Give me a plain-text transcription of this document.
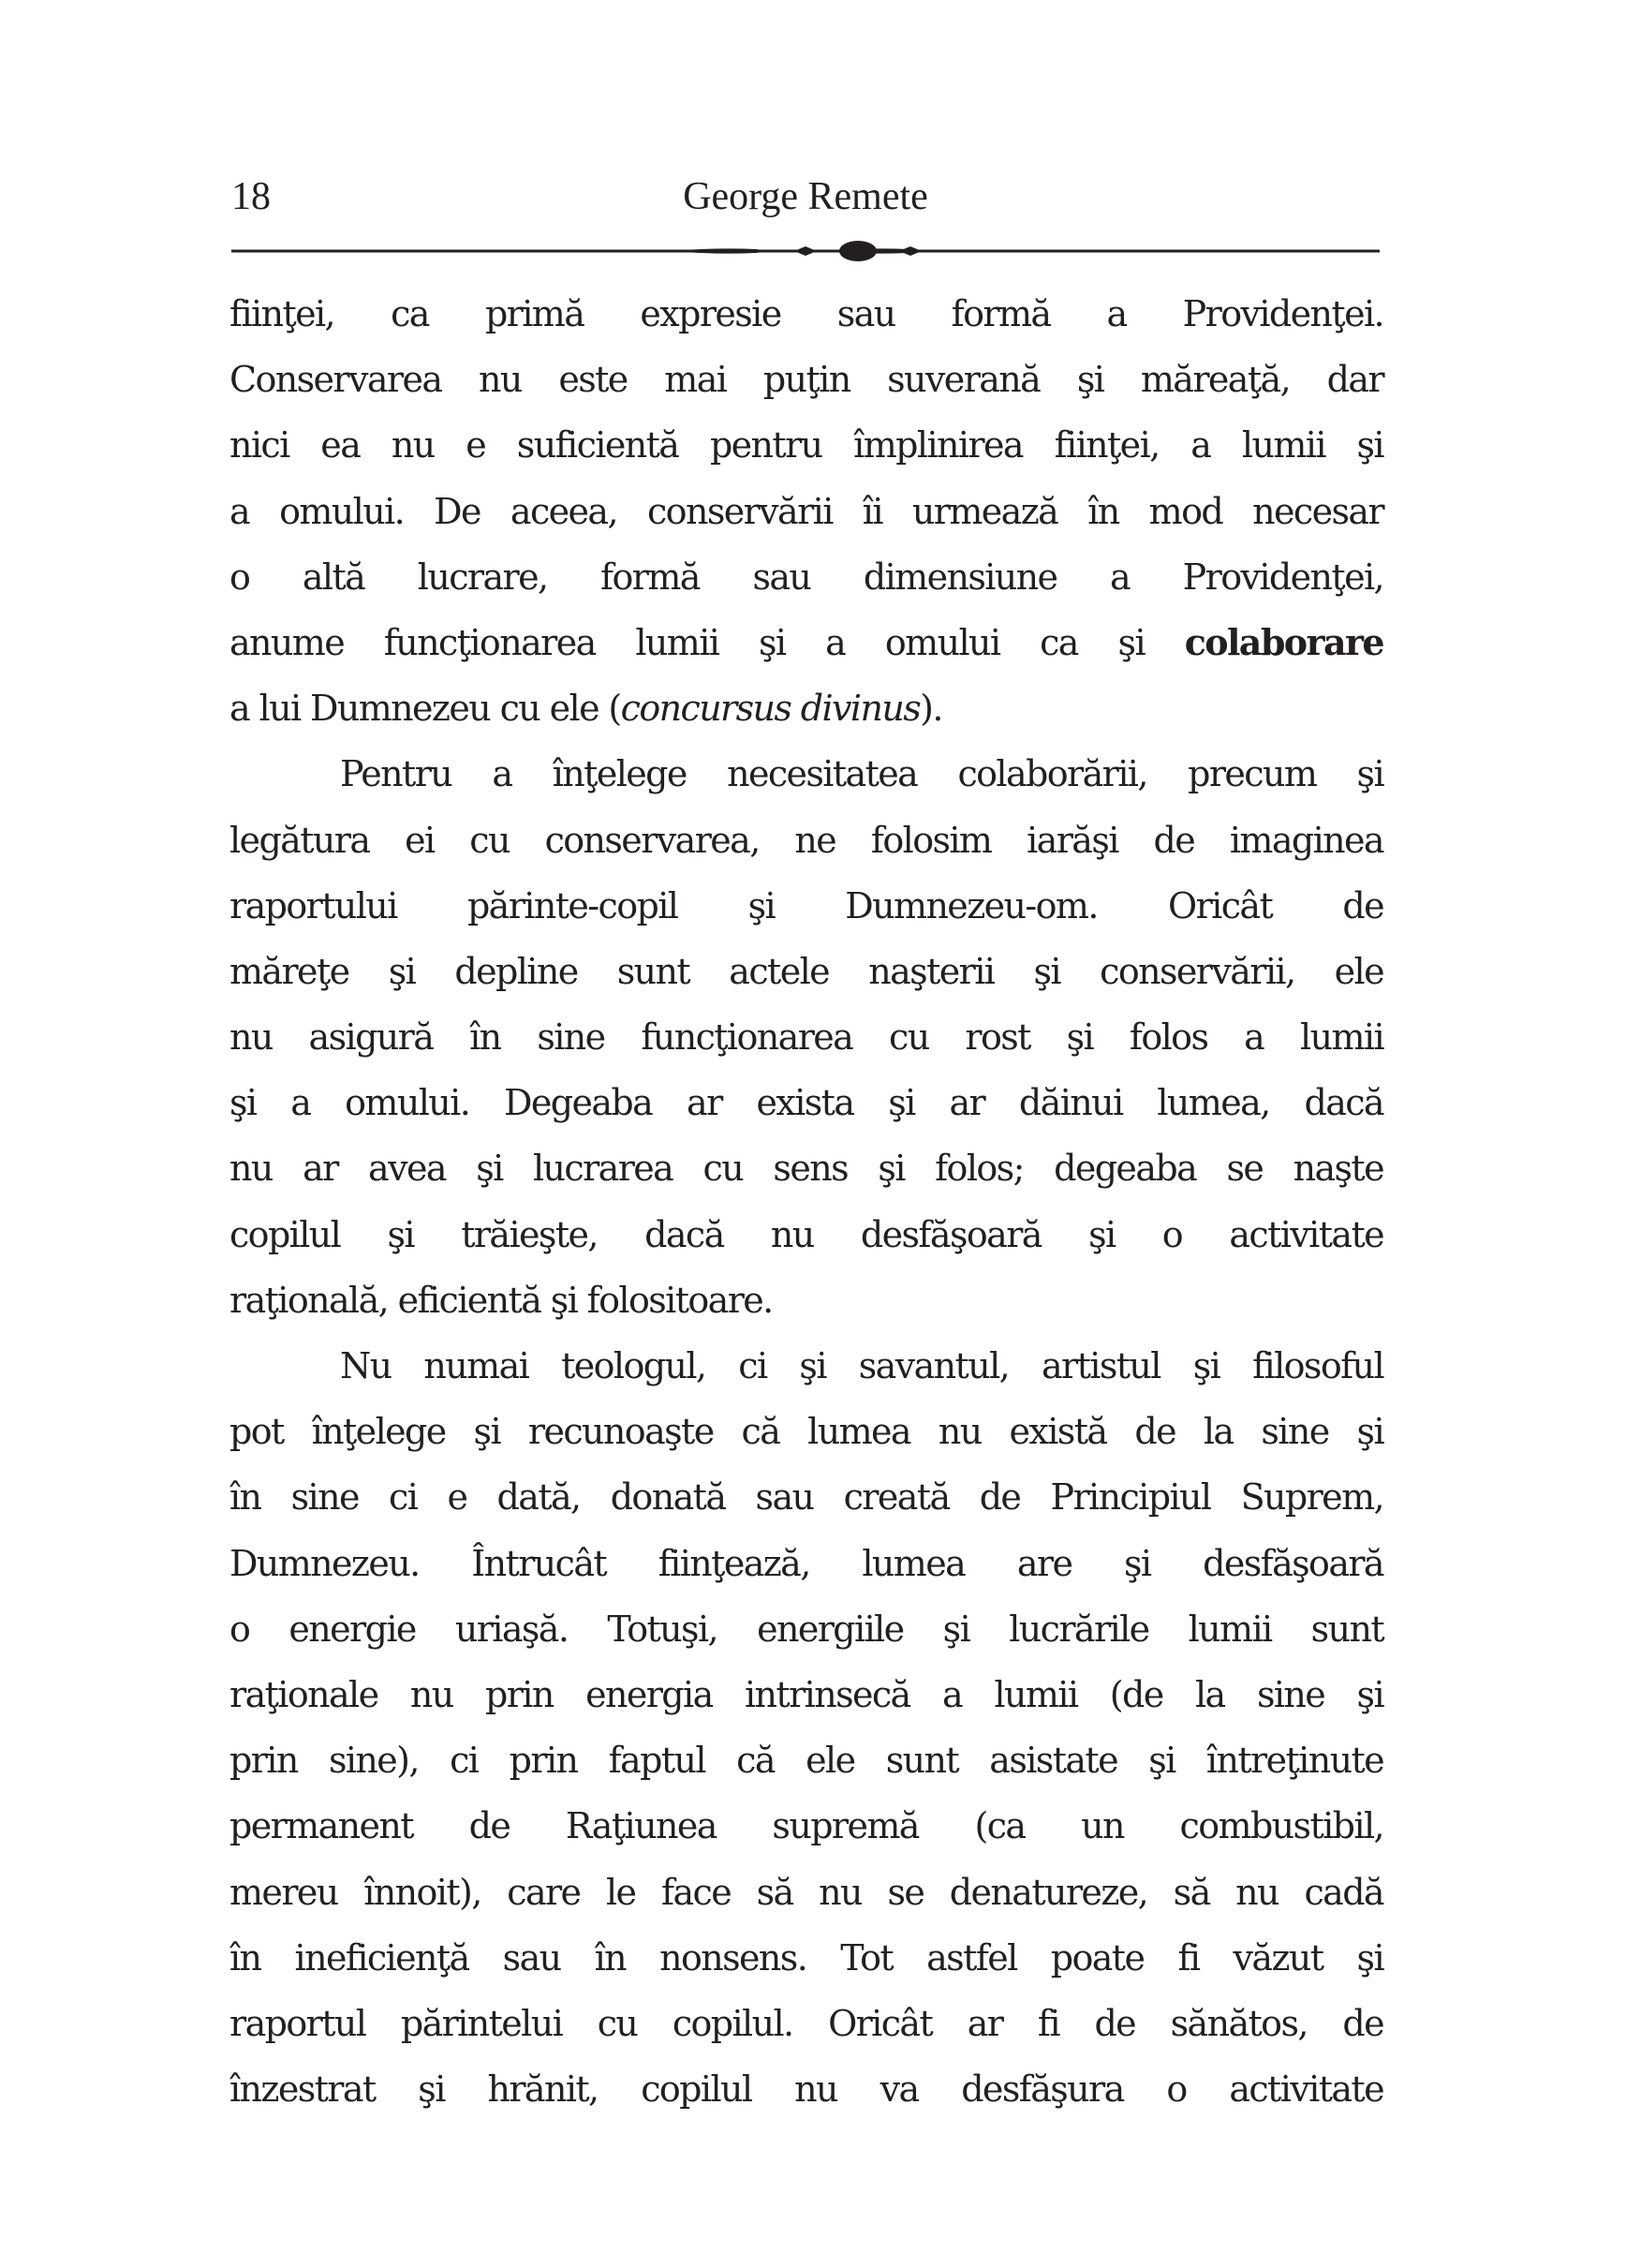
18	George Remete
fiinţei, ca primă expresie sau formă a Providenţei.
Conservarea nu este mai puţin suverană şi măreaţă, dar
nici ea nu e suficientă pentru împlinirea fiinţei, a lumii şi
a omului. De aceea, conservării îi urmează în mod necesar
o altă lucrare, formă sau dimensiune a Providenţei,
anume funcţionarea lumii şi a omului ca şi colaborare
a lui Dumnezeu cu ele (concursus divinus).
Pentru a înţelege necesitatea colaborării, precum şi
legătura ei cu conservarea, ne folosim iarăşi de imaginea
raportului părinte-copil şi Dumnezeu-om. Oricât de
măreţe şi depline sunt actele naşterii şi conservării, ele
nu asigură în sine funcţionarea cu rost şi folos a lumii
şi a omului. Degeaba ar exista şi ar dăinui lumea, dacă
nu ar avea şi lucrarea cu sens şi folos; degeaba se naşte
copilul şi trăieşte, dacă nu desfăşoară şi o activitate
raţională, eficientă şi folositoare.
Nu numai teologul, ci şi savantul, artistul şi filosoful
pot înţelege şi recunoaşte că lumea nu există de la sine şi
în sine ci e dată, donată sau creată de Principiul Suprem,
Dumnezeu. Întrucât fiinţează, lumea are şi desfăşoară
o energie uriaşă. Totuşi, energiile şi lucrările lumii sunt
raţionale nu prin energia intrinsecă a lumii (de la sine şi
prin sine), ci prin faptul că ele sunt asistate şi întreţinute
permanent de Raţiunea supremă (ca un combustibil,
mereu înnoit), care le face să nu se denatureze, să nu cadă
în ineficienţă sau în nonsens. Tot astfel poate fi văzut şi
raportul părintelui cu copilul. Oricât ar fi de sănătos, de
înzestrat şi hrănit, copilul nu va desfăşura o activitate
